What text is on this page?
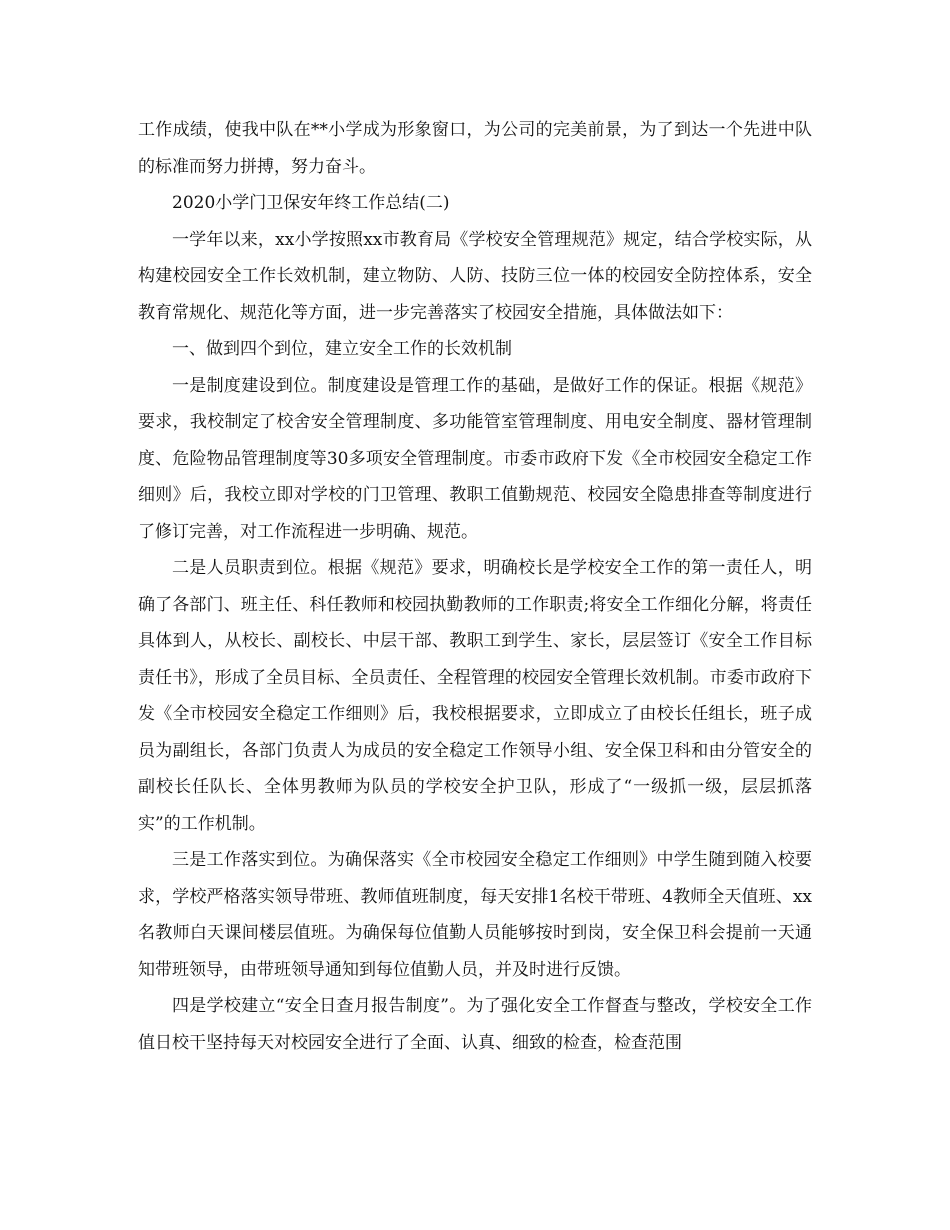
工作成绩，使我中队在**小学成为形象窗口，为公司的完美前景，为了到达一个先进中队的标准而努力拼搏，努力奋斗。

2020小学门卫保安年终工作总结(二)

一学年以来，xx小学按照xx市教育局《学校安全管理规范》规定，结合学校实际，从构建校园安全工作长效机制，建立物防、人防、技防三位一体的校园安全防控体系，安全教育常规化、规范化等方面，进一步完善落实了校园安全措施，具体做法如下：

一、做到四个到位，建立安全工作的长效机制

一是制度建设到位。制度建设是管理工作的基础，是做好工作的保证。根据《规范》要求，我校制定了校舍安全管理制度、多功能管室管理制度、用电安全制度、器材管理制度、危险物品管理制度等30多项安全管理制度。市委市政府下发《全市校园安全稳定工作细则》后，我校立即对学校的门卫管理、教职工值勤规范、校园安全隐患排查等制度进行了修订完善，对工作流程进一步明确、规范。

二是人员职责到位。根据《规范》要求，明确校长是学校安全工作的第一责任人，明确了各部门、班主任、科任教师和校园执勤教师的工作职责;将安全工作细化分解，将责任具体到人，从校长、副校长、中层干部、教职工到学生、家长，层层签订《安全工作目标责任书》，形成了全员目标、全员责任、全程管理的校园安全管理长效机制。市委市政府下发《全市校园安全稳定工作细则》后，我校根据要求，立即成立了由校长任组长，班子成员为副组长，各部门负责人为成员的安全稳定工作领导小组、安全保卫科和由分管安全的副校长任队长、全体男教师为队员的学校安全护卫队，形成了“一级抓一级，层层抓落实”的工作机制。

三是工作落实到位。为确保落实《全市校园安全稳定工作细则》中学生随到随入校要求，学校严格落实领导带班、教师值班制度，每天安排1名校干带班、4教师全天值班、xx名教师白天课间楼层值班。为确保每位值勤人员能够按时到岗，安全保卫科会提前一天通知带班领导，由带班领导通知到每位值勤人员，并及时进行反馈。

四是学校建立“安全日查月报告制度”。为了强化安全工作督查与整改，学校安全工作值日校干坚持每天对校园安全进行了全面、认真、细致的检查，检查范围
